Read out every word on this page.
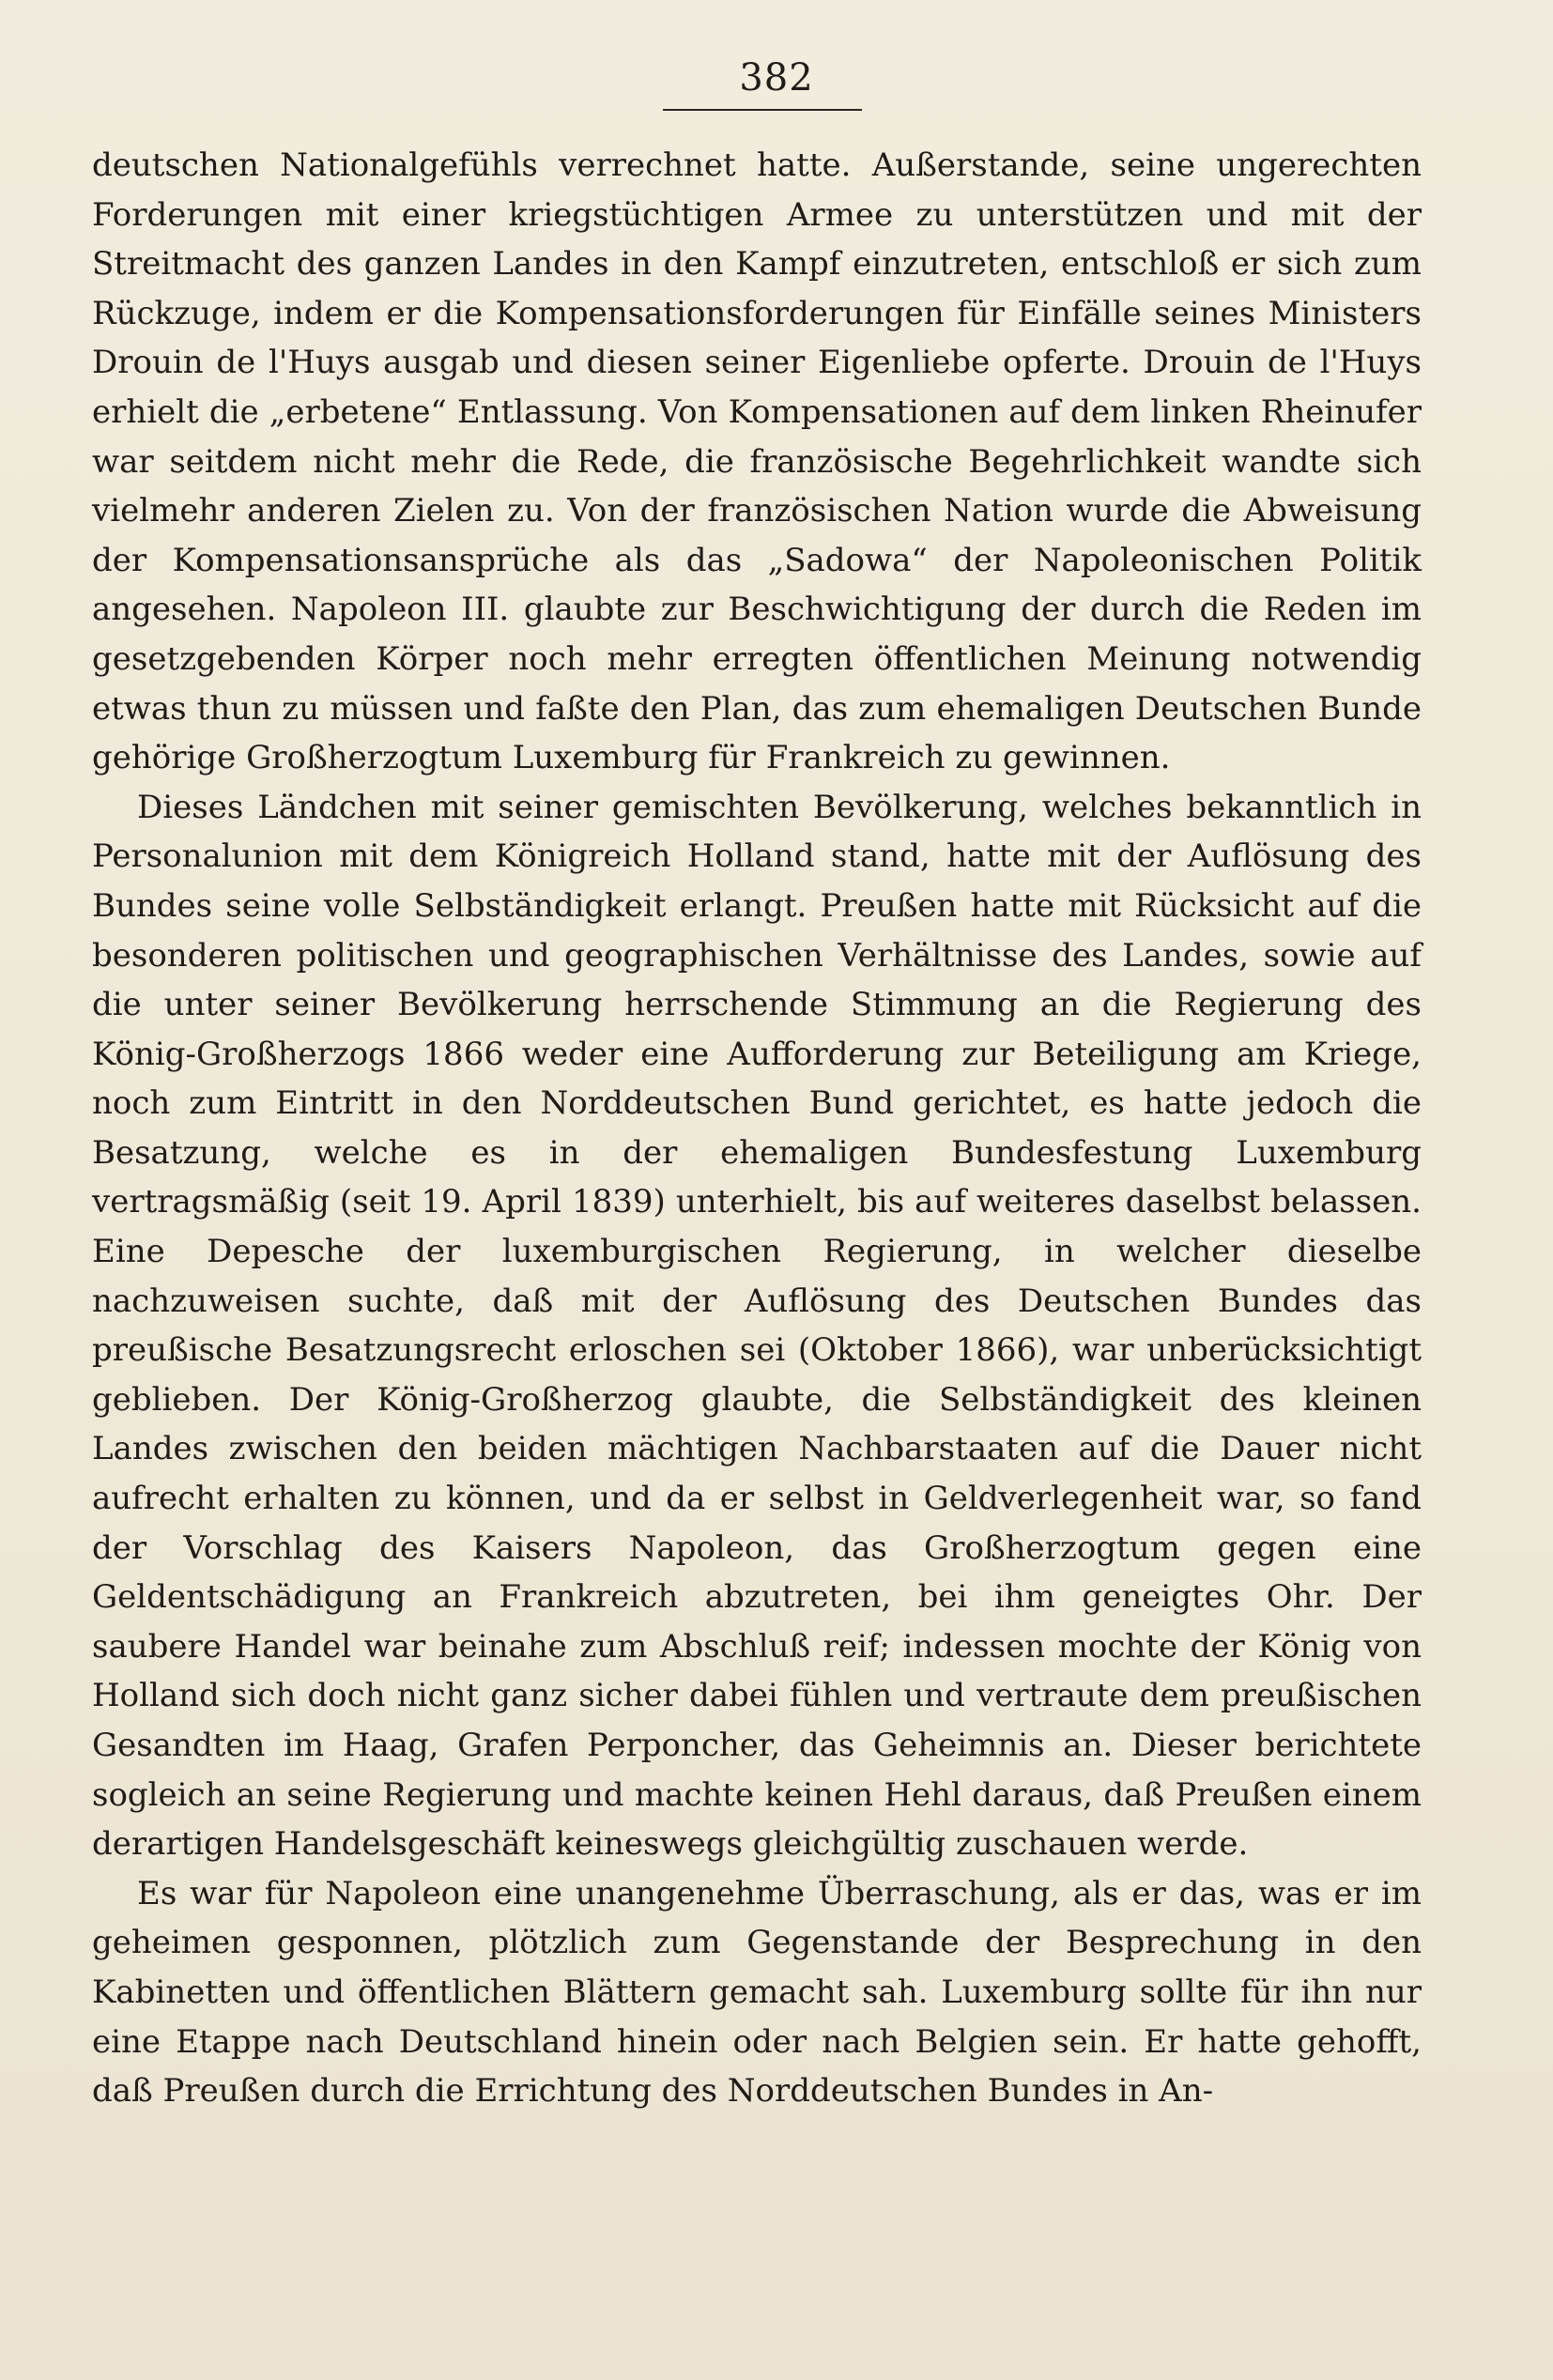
382

deutschen Nationalgefühls verrechnet hatte. Außerstande, seine ungerechten Forderungen mit einer kriegstüchtigen Armee zu unterstützen und mit der Streitmacht des ganzen Landes in den Kampf einzutreten, entschloß er sich zum Rückzuge, indem er die Kompensationsforderungen für Einfälle seines Ministers Drouin de l'Huys ausgab und diesen seiner Eigenliebe opferte. Drouin de l'Huys erhielt die „erbetene“ Entlassung. Von Kompensationen auf dem linken Rheinufer war seitdem nicht mehr die Rede, die französische Begehrlichkeit wandte sich vielmehr anderen Zielen zu. Von der französischen Nation wurde die Abweisung der Kompensationsansprüche als das „Sadowa“ der Napoleonischen Politik angesehen. Napoleon III. glaubte zur Beschwichtigung der durch die Reden im gesetzgebenden Körper noch mehr erregten öffentlichen Meinung notwendig etwas thun zu müssen und faßte den Plan, das zum ehemaligen Deutschen Bunde gehörige Großherzogtum Luxemburg für Frankreich zu gewinnen.

Dieses Ländchen mit seiner gemischten Bevölkerung, welches bekanntlich in Personalunion mit dem Königreich Holland stand, hatte mit der Auflösung des Bundes seine volle Selbständigkeit erlangt. Preußen hatte mit Rücksicht auf die besonderen politischen und geographischen Verhältnisse des Landes, sowie auf die unter seiner Bevölkerung herrschende Stimmung an die Regierung des König-Großherzogs 1866 weder eine Aufforderung zur Beteiligung am Kriege, noch zum Eintritt in den Norddeutschen Bund gerichtet, es hatte jedoch die Besatzung, welche es in der ehemaligen Bundesfestung Luxemburg vertragsmäßig (seit 19. April 1839) unterhielt, bis auf weiteres daselbst belassen. Eine Depesche der luxemburgischen Regierung, in welcher dieselbe nachzuweisen suchte, daß mit der Auflösung des Deutschen Bundes das preußische Besatzungsrecht erloschen sei (Oktober 1866), war unberücksichtigt geblieben. Der König-Großherzog glaubte, die Selbständigkeit des kleinen Landes zwischen den beiden mächtigen Nachbarstaaten auf die Dauer nicht aufrecht erhalten zu können, und da er selbst in Geldverlegenheit war, so fand der Vorschlag des Kaisers Napoleon, das Großherzogtum gegen eine Geldentschädigung an Frankreich abzutreten, bei ihm geneigtes Ohr. Der saubere Handel war beinahe zum Abschluß reif; indessen mochte der König von Holland sich doch nicht ganz sicher dabei fühlen und vertraute dem preußischen Gesandten im Haag, Grafen Perponcher, das Geheimnis an. Dieser berichtete sogleich an seine Regierung und machte keinen Hehl daraus, daß Preußen einem derartigen Handelsgeschäft keineswegs gleichgültig zuschauen werde.

Es war für Napoleon eine unangenehme Überraschung, als er das, was er im geheimen gesponnen, plötzlich zum Gegenstande der Besprechung in den Kabinetten und öffentlichen Blättern gemacht sah. Luxemburg sollte für ihn nur eine Etappe nach Deutschland hinein oder nach Belgien sein. Er hatte gehofft, daß Preußen durch die Errichtung des Norddeutschen Bundes in An-
